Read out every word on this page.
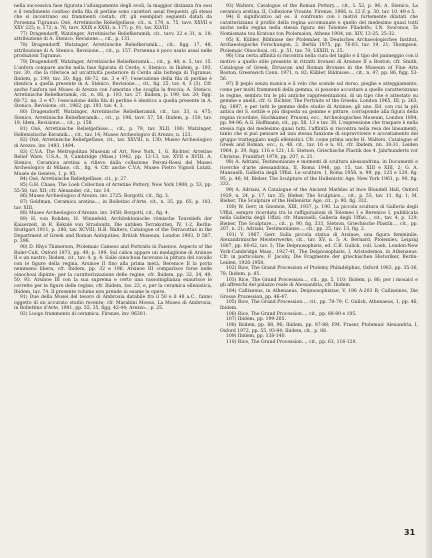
nella successiva fase figurata l'allungamento degli ovoli, la maggior distanza fra essi e il rendimento confuso della fila di perline sono caratteri assai frequenti, gli stessi che si incontrano sui frammenti costati, cfr. gli esemplari seguenti datati da Porsenna Tigranus: Oxé, Arretinische Reliefgefässe, cit., n. 179, n. 75, tavv. XXVII e XXV 225; n. 172; n. 76, tavv. XXIX e XXXI; n. 177; p. 91, tav. XLVIII.

77) Dragendorff, Watzinger, Arretinische Reliefkeramik, cit., tavv. 22 e 31, n. 18; attribuzione di A. Stenico, Revisione..., cit., p. 131.

78) Dragendorff, Watzinger, Arretinische Reliefkeramik..., cit., figg. 17, 48, attribuzione di A. Stenico, Revisione..., cit., p. 157. Porsenna è poco usato assai nelle produzioni Tigranus.

79) Dragendorff, Watzinger, Arretinische Reliefkeramik..., cit., p. 48; n. 5, tav. 15. L'anfora compare anche nella fase figurata di Cerdo; v. Stenico, in Ibidem, p. 193, tav. 30, che la riferisce ad un'attività posteriore di Cerdo alla bottega di Tigranus. Ibidem, p. 199, tav. 20; figg. 68-72, nn. 3 e 47; l'esecuzione della fila di perline è identica a quella presente in A. Stenico, Revisione..., cit., fig. 25, tav. 4, 3 (3). Cfr. anche l'anfora nel Museo di Arezzo con l'amorino che scaglia la freccia; A. Stenico, Arretinische Reliefkeramik, cit., n. 86, p. 193, tav. 27. Ibidem, p. 199, tav. 20; figg. 68-72, nn. 3 e 47; l'esecuzione della fila di perline è identica a quella presente in A. Stenico, Revisione, cit., 1962, pp. 193, tav. 4, 3.

80) Dragendorff, Watzinger, Arretinische Reliefkeramik, cit., tav. 33, n. 475; Stenico, Arretinische Reliefkeramik..., cit., p. 196, tavv. 57, 58, Ibidem, p. 150, tav. 18; Idem, Revisione..., cit., p. 158.

81) Oxé, Arretinische Reliefgefässe..., cit., p. 79, tav. XLII, 180; Watzinger, Hellenistische Keramik..., cit., tav. 14; Museo Archeologico di Arezzo, n. 123.

82) Oxé, Arretinische Reliefgefässe, cit., tav. XXVIII, n. 130; Museo Archeologico di Arezzo, inv. 1493, 1494.

83) C.V.A. The Metropolitan Museum of Art, New York, 1, G. Richter, Arretine Relief Ware, U.S.A., 9, Cambridge (Mass.) 1942, pp. 12-13, tav. XVII e XVIII. A. Stenico, Ceramica aretina a rilievo dalla collezione Peroni-Rossi del Museo Archeologico di Milano, cit., fig. 4. Cfr. anche C.V.A. Museo Pietro Vignoli Lutati, Musée de Genève, 1, p. 95.

84) Oxé, Arretinische Reliefgefässe, cit., p. 27.

85) G.H. Chase, The Loeb Collection of Arretine Pottery, New York 1908, p. 53, pp. 55-56, tav. XII; cfr. Alexander, cit., tav. 14.

86) Museo Archeologico d'Arezzo, inv. 2725; Borgotti, cit., fig. 3.

87) Goldman, Ceramica aretina..., in Bolletino d'Arte, cit., n. 35, pp. 65; p. 183, tav. XIII.

88) Museo Archeologico d'Arezzo, inv. 3458; Borgotti, cit., fig. 4.

89) H. von Rohden, H. Winnefeld, Architektonische römische Tonreliefs der Kaiserzeit, in R. Kekulé von Stradonitz, Die antiken Terrakotten, IV, 1-2, Berlin-Stuttgart 1911, p. 280, tav. XCVIII; H.B. Walters, Catalogue of the Terracottas in the Department of Greek and Roman Antiquities, British Museum, London 1903, D 587, p. 396.

90) D. Rhys Thimerson, Ptolemaic Cameos and Portraits in Faience. Aspects of the Ruler-Cult, Oxford 1973, pp. 49; p. 199. Sul calice appare un medaglione di Arsinoe II e un nastro; Ibidem, cit., tav. 4; p. 4. Sulle oinochoai facevano la pittura del cavallo con le figure della regina, Arsinoe II fino alla prima metà, Berenice II la porta nemmeno libera, cfr. Ibidem, pp. 32 e 196. Arsinoe III comparisce forse nelle oinochoai dipinte; per la caratterizzazione delle regine, cfr. Ibidem, pp. 32, 34, 49, 50, 93. Arsinoe III con la sua suprema e certo una rassomiglianza esaurisce le corrette per le figure delle regine, cfr. Ibidem, tav. 23, e, per la ceramica ellenistica, Ibidem, tav. 74. Il presente volume non prende in esame le opere.

91) Due della Musei del tesoro di Ambrosia databile fra il 50 e il 48 a.C., fanno oggetto di un accurato studio recente; cfr. Marabini Moeus, La Museo di Ambrosia, in Bollettino d'Arte, 1981, pp. 55, 35, figg. 42-44; Arezzo... p. 25.

92) Luogo frammento di ceramica. Firenze, inv. 96301.

93) Walters, Catalogue of the Roman Pottery..., cit., L 52, p. 96; A. Stenico, La ceramica aretina, II, Collezione Vivante, Firenze, 1966, n. 22 F, p. 30, tav. 10, 49 e 5.

94) E significativo ad es. il confronto con i motivi fortemente dilatati che caratterizzano il profilo della regina accomunate e quello del medesimo quasi tutti anche nella regina nella stessa figura del Tolomeo Filadelfo; I.N. Svoronos, Ta Nomismata tou Kratous ton Ptolemaion, Athens 1904, nn. XIV, 13-25, 25-32.

95) K. Kübler, Bildnisse der Ptolemäer, in Deutsches Archaeologisches Institut, Archaeologische Forschungen, 2, Berlin 1975, pp. 76-83, tav. 19, 21; Thompson, Ptolemaic Oinochoai, cit., p. 51, tav. 70; LXXIII, n. 25.

96) Una certa affinità si riscontra nella cura del taglio e il tipo del panneggio con il motivo a quello stile presente in ritratti bronzei di Arsinoe II a Boston, cfr. Smith, Catalogue of Greek, Etruscan and Roman Bronzes in the Museum of Fine Arts Boston, Greenwich Conn. 1971, n. 82; Kübler, Bildnisse..., cit., n. 47, pp. 86, figg. 53-56.

97) Il peplo senza manica e il velo che scende sul dorso, pieghe e atteggiamento, come per molti frammenti della gemma, si possono accostare a quelle caratterizzano le regine, sembra tra le più antiche rappresentazioni, di un tipo che è attestato su gemme e anelli, cfr. G. Richter, The Portraits of the Greeks, London 1965, III, p. 263, fig. 1897, e per tutti le gemme dello studio di Arsinoe; gli uno. Ed. con cui la più antica del S. sottile e più disposta su gemme e pitture, corrisponde alla figura della regina ricordate, Hochkamer, Prusoni, ecc., Archeologisches Museum, London 1894, pp. 94-96; A.G. Hoffmann, cit., pp. 56, 13 e tav. 38. L'espressione che traspare è nella stessa riga del medesimo quasi tutti, l'affinità si riscontra nella resa dei lineamenti, tanto che si può pensare ad una stessa funzione di sopravvivere e accostamento del gruppo tratteggiato negli ellenistici. Cfr. come prima anche H. Walters, Catalogue of Greek and Roman, ecc., n. 48, cit., tav. 16 e n. 81, cfr. Ibidem, nn. 30-31, Leiden 1964, p. 39, figg. 116 e 121; I.S. Stetson, Griechische Plastik des 4. Jahrhunderts vor Christus, Frankfurt 1978, pp. 207, n. 21.

98) A. Adriani, Testimonianze e momenti di scultura alessandrina, in Documenti e ricerche d'arte alessandrina, II, Roma 1948, pp. 15, tav. XIII e XIII, 2; G. A. Mansuelli, Galleria degli Uffizi. Le sculture, I, Roma 1958, n. 99, pp. 125 e 129, fig. 95, p. 46; M. Bieber, The Sculpture of the Hellenistic Age, New York 1961, p. 90, fig. 333.

99) A. Adriani, A Catalogue of the Ancient Marbles at Ince Blundell Hall, Oxford 1929, n. 24, p. 17, tav. 35; Bieber, The Sculpture..., cit., p. 53, tav. 11, fig. 1; M. Bieber, The Sculpture of the Hellenistic Age, cit., p. 90, fig. 332.

100) W. Gerr, in Gnomon, XIII, 1937, p. 190. La piccola scultura di Galleria degli Uffizi, sempre ricordata tra le raffigurazioni di Tolomeo I e Berenice I, pubblicata nella Galleria degli Uffizi; cfr. Mansuelli, Galleria degli Uffizi..., cit., tav. 4, p. 129; Bieber, The Sculpture..., cit., p. 90, fig. 333, Stetson, Griechische Plastik..., cit., pp. 207, n. 21; Adriani, Testimonianze..., cit., pp. 25, tav. 13, fig. 2.

101) V. 1967. Gerr. Sulla piccola statua di Arsinoe, una figura femminile, Alexandrinische Meisterwerke, cit., tav. XV, n. 5; A. Bernard, Ptolemies, Leipzig 1887, pp. 60-62, tav. 3; The Deipnosophists, ed. C.B. Gulick, coll. Loeb, London-New York-Cambridge Mass., 1927-41, The Deipnosophists, I, Aristodemos, in Athenaeus. Cfr. in particolare, F. Jacoby, Die Fragmente der griechischen Historiker, Berlin-Leiden, 1926-1958.

102) Rice, The Grand Procession of Ptolemy Philadelphus, Oxford 1983, pp. 35-36, 78; Ibidem, p. 85.

103) Rice, The Grand Procession..., cit., pp. 5, 110; Ibidem, p. 86; per i mosaici e gli affreschi del palazzo reale di Alessandria, cfr. Ibidem.

104) Callixenus, in Athenaeus, Deipnosophistae, V, 196 A-203 B; Callixeinos, Die Grosse Prozession, pp. 46-47.

105) Rice, The Grand Procession..., cit., pp. 78-79; C. Gulick, Athenaeus, 1, pp. 46; Ibidem.

106) Rice, The Grand Procession..., cit., pp. 88-89 e 105.

107) Ibidem, pp. 199-205.

108) Ibidem, pp. 88, 96; Ibidem, pp. 87-88; P.M. Fraser, Ptolemaic Alexandria, I, Oxford 1972, pp. 55, 93-94; Ibidem, cit., p. 88.

109) Ibidem, pp. 138-140.

110) Rice, The Grand Procession..., cit., pp. 63, 116-120.

31
